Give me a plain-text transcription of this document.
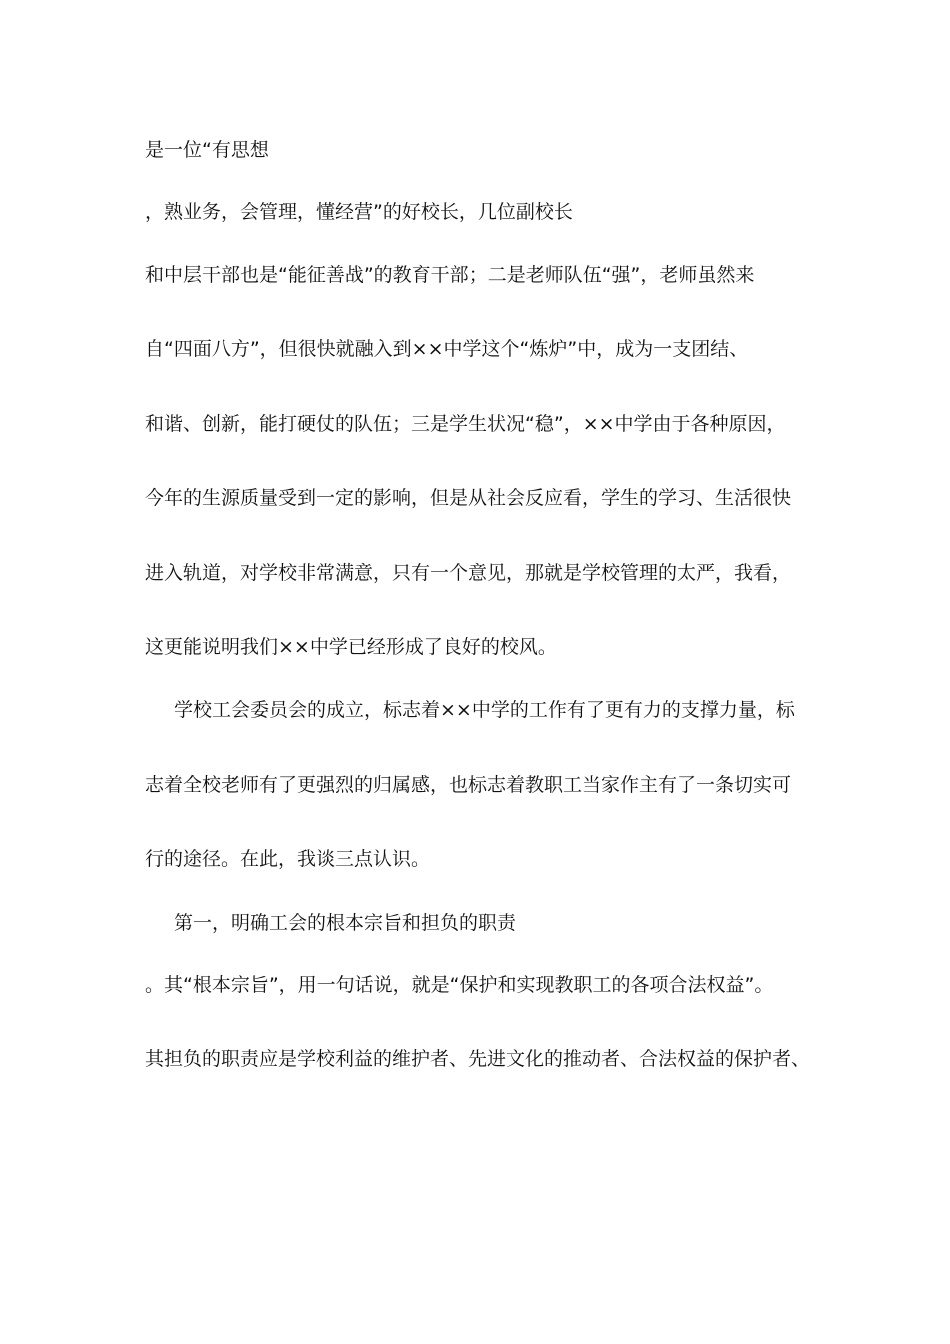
是一位“有思想
，熟业务，会管理，懂经营”的好校长，几位副校长
和中层干部也是“能征善战”的教育干部；二是老师队伍“强”，老师虽然来
自“四面八方”，但很快就融入到××中学这个“炼炉”中，成为一支团结、
和谐、创新，能打硬仗的队伍；三是学生状况“稳”，××中学由于各种原因，
今年的生源质量受到一定的影响，但是从社会反应看，学生的学习、生活很快
进入轨道，对学校非常满意，只有一个意见，那就是学校管理的太严，我看，
这更能说明我们××中学已经形成了良好的校风。
学校工会委员会的成立，标志着××中学的工作有了更有力的支撑力量，标
志着全校老师有了更强烈的归属感，也标志着教职工当家作主有了一条切实可
行的途径。在此，我谈三点认识。
第一，明确工会的根本宗旨和担负的职责
。其“根本宗旨”，用一句话说，就是“保护和实现教职工的各项合法权益”。
其担负的职责应是学校利益的维护者、先进文化的推动者、合法权益的保护者、
